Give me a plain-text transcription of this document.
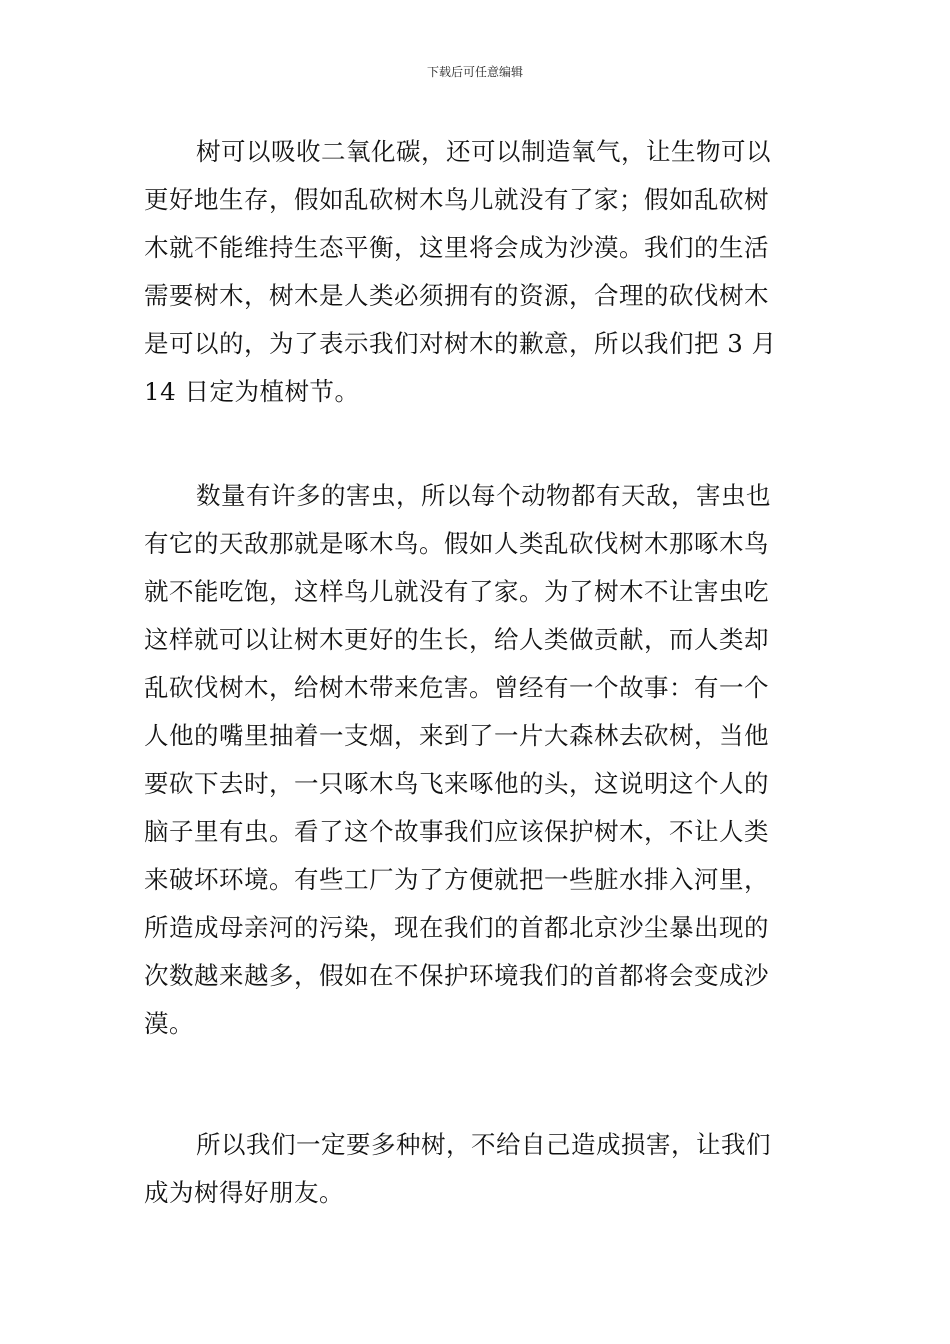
下载后可任意编辑
树可以吸收二氧化碳，还可以制造氧气，让生物可以
更好地生存，假如乱砍树木鸟儿就没有了家；假如乱砍树
木就不能维持生态平衡，这里将会成为沙漠。我们的生活
需要树木，树木是人类必须拥有的资源，合理的砍伐树木
是可以的，为了表示我们对树木的歉意，所以我们把 3 月
14 日定为植树节。
数量有许多的害虫，所以每个动物都有天敌，害虫也
有它的天敌那就是啄木鸟。假如人类乱砍伐树木那啄木鸟
就不能吃饱，这样鸟儿就没有了家。为了树木不让害虫吃
这样就可以让树木更好的生长，给人类做贡献，而人类却
乱砍伐树木，给树木带来危害。曾经有一个故事：有一个
人他的嘴里抽着一支烟，来到了一片大森林去砍树，当他
要砍下去时，一只啄木鸟飞来啄他的头，这说明这个人的
脑子里有虫。看了这个故事我们应该保护树木，不让人类
来破坏环境。有些工厂为了方便就把一些脏水排入河里，
所造成母亲河的污染，现在我们的首都北京沙尘暴出现的
次数越来越多，假如在不保护环境我们的首都将会变成沙
漠。
所以我们一定要多种树，不给自己造成损害，让我们
成为树得好朋友。
